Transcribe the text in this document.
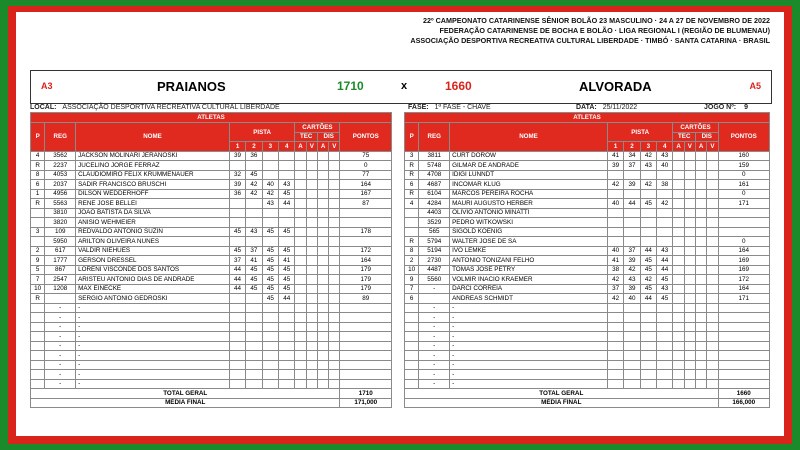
22º CAMPEONATO CATARINENSE SÊNIOR BOLÃO 23 MASCULINO · 24 A 27 DE NOVEMBRO DE 2022
FEDERAÇÃO CATARINENSE DE BOCHA E BOLÃO · LIGA REGIONAL I (REGIÃO DE BLUMENAU)
ASSOCIAÇÃO DESPORTIVA RECREATIVA CULTURAL LIBERDADE · TIMBÓ · SANTA CATARINA · BRASIL
A3	PRAIANOS	1710	x	1660	ALVORADA	A5
LOCAL: ASSOCIAÇÃO DESPORTIVA RECREATIVA CULTURAL LIBERDADE	FASE: 1ª FASE - CHAVE	DATA: 25/11/2022	JOGO Nº: 9
ATLETAS											
P	REG	NOME	PISTA				CARTÕES				PONTOS
							TEC		DIS		
			1	2	3	4	A	V	A	V	
4	3562	JACKSON MOLINARI JERANOSKI	39	36							75
R	2237	JUCELINO JORGE FERRAZ									0
8	4053	CLAUDIOMIRO FELIX KRUMMENAUER	32	45							77
6	2037	SADIR FRANCISCO BRUSCHI	39	42	40	43					164
1	4956	DILSON WEDDERHOFF	36	42	42	45					167
R	5563	RENE JOSE BELLEI			43	44					87
	3810	JOAO BATISTA DA SILVA									
	3820	ANISIO WEHMEIER									
3	109	REDVALDO ANTONIO SUZIN	45	43	45	45					178
	5950	ARILTON OLIVEIRA NUNES									
2	617	VALDIR NIEHUES	45	37	45	45					172
9	1777	GERSON DRESSEL	37	41	45	41					164
5	867	LORENI VISCONDE DOS SANTOS	44	45	45	45					179
7	2547	ARISTEU ANTONIO DIAS DE ANDRADE	44	45	45	45					179
10	1208	MAX EINECKE	44	45	45	45					179
R		SERGIO ANTONIO GEDROSKI			45	44					89
	-	-									
	-	-									
	-	-									
	-	-									
	-	-									
	-	-									
	-	-									
	-	-									
	-	-									
TOTAL GERAL											1710
MÉDIA FINAL											171,000
ATLETAS											
P	REG	NOME	PISTA				CARTÕES				PONTOS
							TEC		DIS		
			1	2	3	4	A	V	A	V	
3	3811	CURT DOROW	41	34	42	43					160
R	5748	GILMAR DE ANDRADE	39	37	43	40					159
R	4708	IDIGI LUNNDT									0
6	4687	INCOMAR KLUG	42	39	42	38					161
R	6104	MARCOS PEREIRA ROCHA									0
4	4284	MAURI AUGUSTO HERBER	40	44	45	42					171
	4403	OLIVIO ANTONIO MINATTI									
	3529	PEDRO WITKOWSKI									
	565	SIGOLD KOENIG									
R	5794	WALTER JOSE DE SA									0
8	5194	IVO LEMKE	40	37	44	43					164
2	2730	ANTONIO TONIZANI FELHO	41	39	45	44					169
10	4487	TOMAS JOSE PETRY	38	42	45	44					169
9	5560	VOLMIR INACIO KRAEMER	42	43	42	45					172
7	-	DARCI CORREIA	37	39	45	43					164
6		ANDREAS SCHMIDT	42	40	44	45					171
	-	-									
	-	-									
	-	-									
	-	-									
	-	-									
	-	-									
	-	-									
	-	-									
	-	-									
TOTAL GERAL											1660
MÉDIA FINAL											166,000
